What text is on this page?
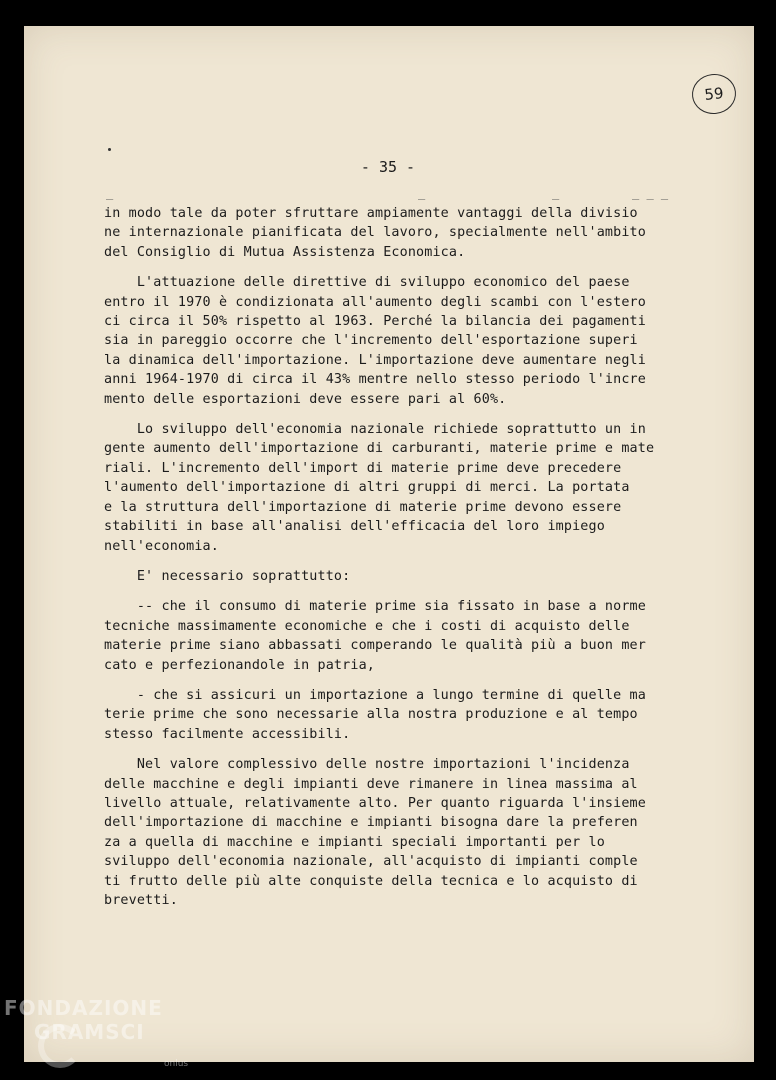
59
- 35 -
_	_	_	_ _ _

in modo tale da poter sfruttare ampiamente vantaggi della divisio

ne internazionale pianificata del lavoro, specialmente nell'ambito

del Consiglio di Mutua Assistenza Economica.

L'attuazione delle direttive di sviluppo economico del paese

entro il 1970 è condizionata all'aumento degli scambi con l'estero

ci circa il 50% rispetto al 1963. Perché la bilancia dei pagamenti

sia in pareggio occorre che l'incremento dell'esportazione superi

la dinamica dell'importazione. L'importazione deve aumentare negli

anni 1964-1970 di circa il 43% mentre nello stesso periodo l'incre

mento delle esportazioni deve essere pari al 60%.

Lo sviluppo dell'economia nazionale richiede soprattutto un in

gente aumento dell'importazione di carburanti, materie prime e mate

riali. L'incremento dell'import di materie prime deve precedere

l'aumento dell'importazione di altri gruppi di merci. La portata

e la struttura dell'importazione di materie prime devono essere

stabiliti in base all'analisi dell'efficacia del loro impiego

nell'economia.

E' necessario soprattutto:

-- che il consumo di materie prime sia fissato in base a norme

tecniche massimamente economiche e che i costi di acquisto delle

materie prime siano abbassati comperando le qualità più a buon mer

cato e perfezionandole in patria,

- che si assicuri un importazione a lungo termine di quelle ma

terie prime che sono necessarie alla nostra produzione e al tempo

stesso facilmente accessibili.

Nel valore complessivo delle nostre importazioni l'incidenza

delle macchine e degli impianti deve rimanere in linea massima al

livello attuale, relativamente alto. Per quanto riguarda l'insieme

dell'importazione di macchine e impianti bisogna dare la preferen

za a quella di macchine e impianti speciali importanti per lo

sviluppo dell'economia nazionale, all'acquisto di impianti comple

ti frutto delle più alte conquiste della tecnica e lo acquisto di

brevetti.

FONDAZIONE
GRAMSCI
onlus
